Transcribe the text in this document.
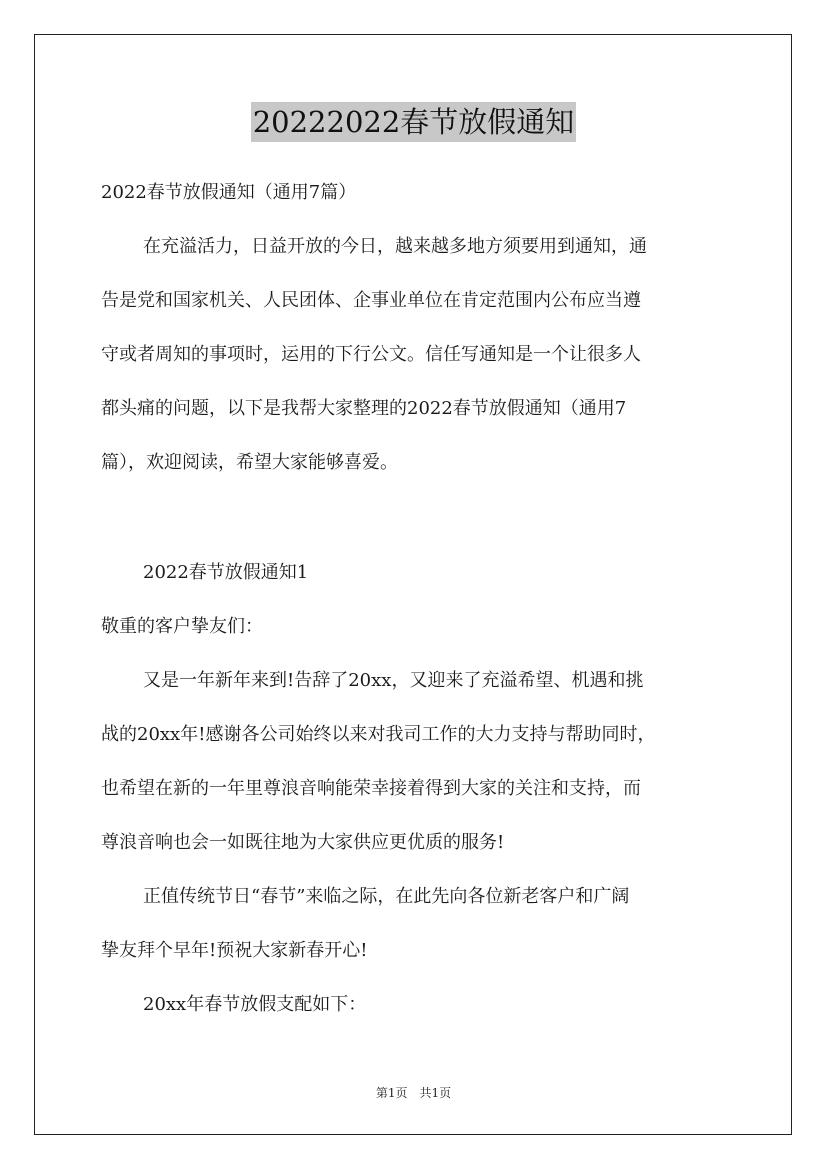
20222022春节放假通知
2022春节放假通知（通用7篇）
在充溢活力，日益开放的今日，越来越多地方须要用到通知，通
告是党和国家机关、人民团体、企事业单位在肯定范围内公布应当遵
守或者周知的事项时，运用的下行公文。信任写通知是一个让很多人
都头痛的问题，以下是我帮大家整理的2022春节放假通知（通用7
篇），欢迎阅读，希望大家能够喜爱。
2022春节放假通知1
敬重的客户挚友们：
又是一年新年来到!告辞了20xx，又迎来了充溢希望、机遇和挑
战的20xx年!感谢各公司始终以来对我司工作的大力支持与帮助同时，
也希望在新的一年里尊浪音响能荣幸接着得到大家的关注和支持，而
尊浪音响也会一如既往地为大家供应更优质的服务!
正值传统节日“春节”来临之际，在此先向各位新老客户和广阔
挚友拜个早年!预祝大家新春开心!
20xx年春节放假支配如下：
第1页　共1页
